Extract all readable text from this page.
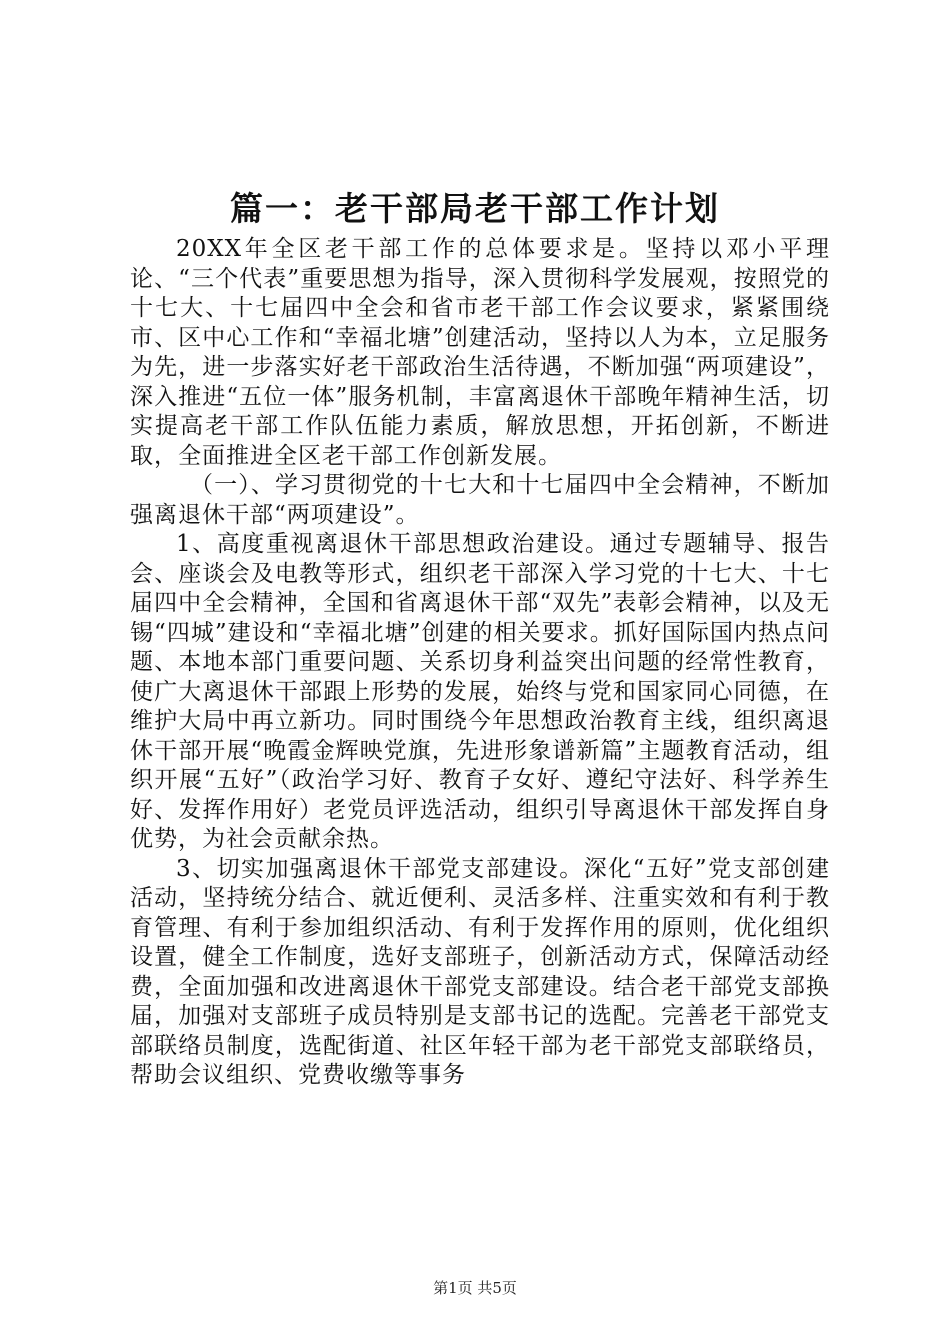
篇一：老干部局老干部工作计划

20XX年全区老干部工作的总体要求是。坚持以邓小平理论、“三个代表”重要思想为指导，深入贯彻科学发展观，按照党的十七大、十七届四中全会和省市老干部工作会议要求，紧紧围绕市、区中心工作和“幸福北塘”创建活动，坚持以人为本，立足服务为先，进一步落实好老干部政治生活待遇，不断加强“两项建设”，深入推进“五位一体”服务机制，丰富离退休干部晚年精神生活，切实提高老干部工作队伍能力素质，解放思想，开拓创新，不断进取，全面推进全区老干部工作创新发展。

（一）、学习贯彻党的十七大和十七届四中全会精神，不断加强离退休干部“两项建设”。

1、高度重视离退休干部思想政治建设。通过专题辅导、报告会、座谈会及电教等形式，组织老干部深入学习党的十七大、十七届四中全会精神，全国和省离退休干部“双先”表彰会精神，以及无锡“四城”建设和“幸福北塘”创建的相关要求。抓好国际国内热点问题、本地本部门重要问题、关系切身利益突出问题的经常性教育，使广大离退休干部跟上形势的发展，始终与党和国家同心同德，在维护大局中再立新功。同时围绕今年思想政治教育主线，组织离退休干部开展“晚霞金辉映党旗，先进形象谱新篇”主题教育活动，组织开展“五好”（政治学习好、教育子女好、遵纪守法好、科学养生好、发挥作用好）老党员评选活动，组织引导离退休干部发挥自身优势，为社会贡献余热。

3、切实加强离退休干部党支部建设。深化“五好”党支部创建活动，坚持统分结合、就近便利、灵活多样、注重实效和有利于教育管理、有利于参加组织活动、有利于发挥作用的原则，优化组织设置，健全工作制度，选好支部班子，创新活动方式，保障活动经费，全面加强和改进离退休干部党支部建设。结合老干部党支部换届，加强对支部班子成员特别是支部书记的选配。完善老干部党支部联络员制度，选配街道、社区年轻干部为老干部党支部联络员，帮助会议组织、党费收缴等事务

第1页 共5页
